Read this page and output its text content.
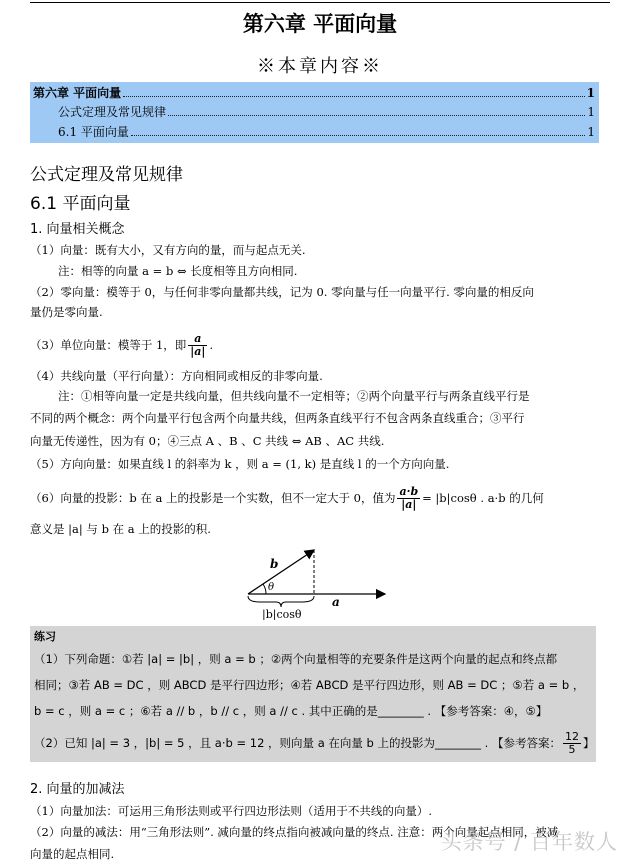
第六章 平面向量
※本章内容※
第六章 平面向量	1
公式定理及常见规律	1
6.1 平面向量	1
公式定理及常见规律
6.1 平面向量
1. 向量相关概念
（1）向量：既有大小，又有方向的量，而与起点无关.
注：相等的向量 a = b ⇔ 长度相等且方向相同.
（2）零向量：模等于 0，与任何非零向量都共线，记为 0. 零向量与任一向量平行. 零向量的相反向
量仍是零向量.
（3）单位向量：模等于 1，即 $\frac{a}{|a|}$ .
（4）共线向量（平行向量）：方向相同或相反的非零向量.
注：①相等向量一定是共线向量，但共线向量不一定相等；②两个向量平行与两条直线平行是
不同的两个概念：两个向量平行包含两个向量共线，但两条直线平行不包含两条直线重合；③平行
向量无传递性，因为有 0；④三点 A 、B 、C 共线 ⇔ AB 、AC 共线.
（5）方向向量：如果直线 l 的斜率为 k ，则 a = (1, k) 是直线 l 的一个方向向量.
（6）向量的投影：b 在 a 上的投影是一个实数，但不一定大于 0，值为 $\frac{a\cdot b}{|a|} = |b|\cos\theta$ . a·b 的几何
意义是 |a| 与 b 在 a 上的投影的积.
b
θ
a
|b|cosθ
练习
（1）下列命题：①若 |a| = |b| ，则 a = b ；②两个向量相等的充要条件是这两个向量的起点和终点都
相同；③若 AB = DC ，则 ABCD 是平行四边形；④若 ABCD 是平行四边形，则 AB = DC ；⑤若 a = b ，
b = c ，则 a = c ；⑥若 a // b ，b // c ，则 a // c . 其中正确的是________ . 【参考答案：④，⑤】
（2）已知 |a| = 3 ，|b| = 5 ，且 a·b = 12 ，则向量 a 在向量 b 上的投影为________ . 【参考答案： $\frac{12}{5}$ 】
2. 向量的加减法
（1）向量加法：可运用三角形法则或平行四边形法则（适用于不共线的向量）.
（2）向量的减法：用“三角形法则”. 减向量的终点指向被减向量的终点. 注意：两个向量起点相同，被减
向量的起点相同.	头条号 / 百年数人
